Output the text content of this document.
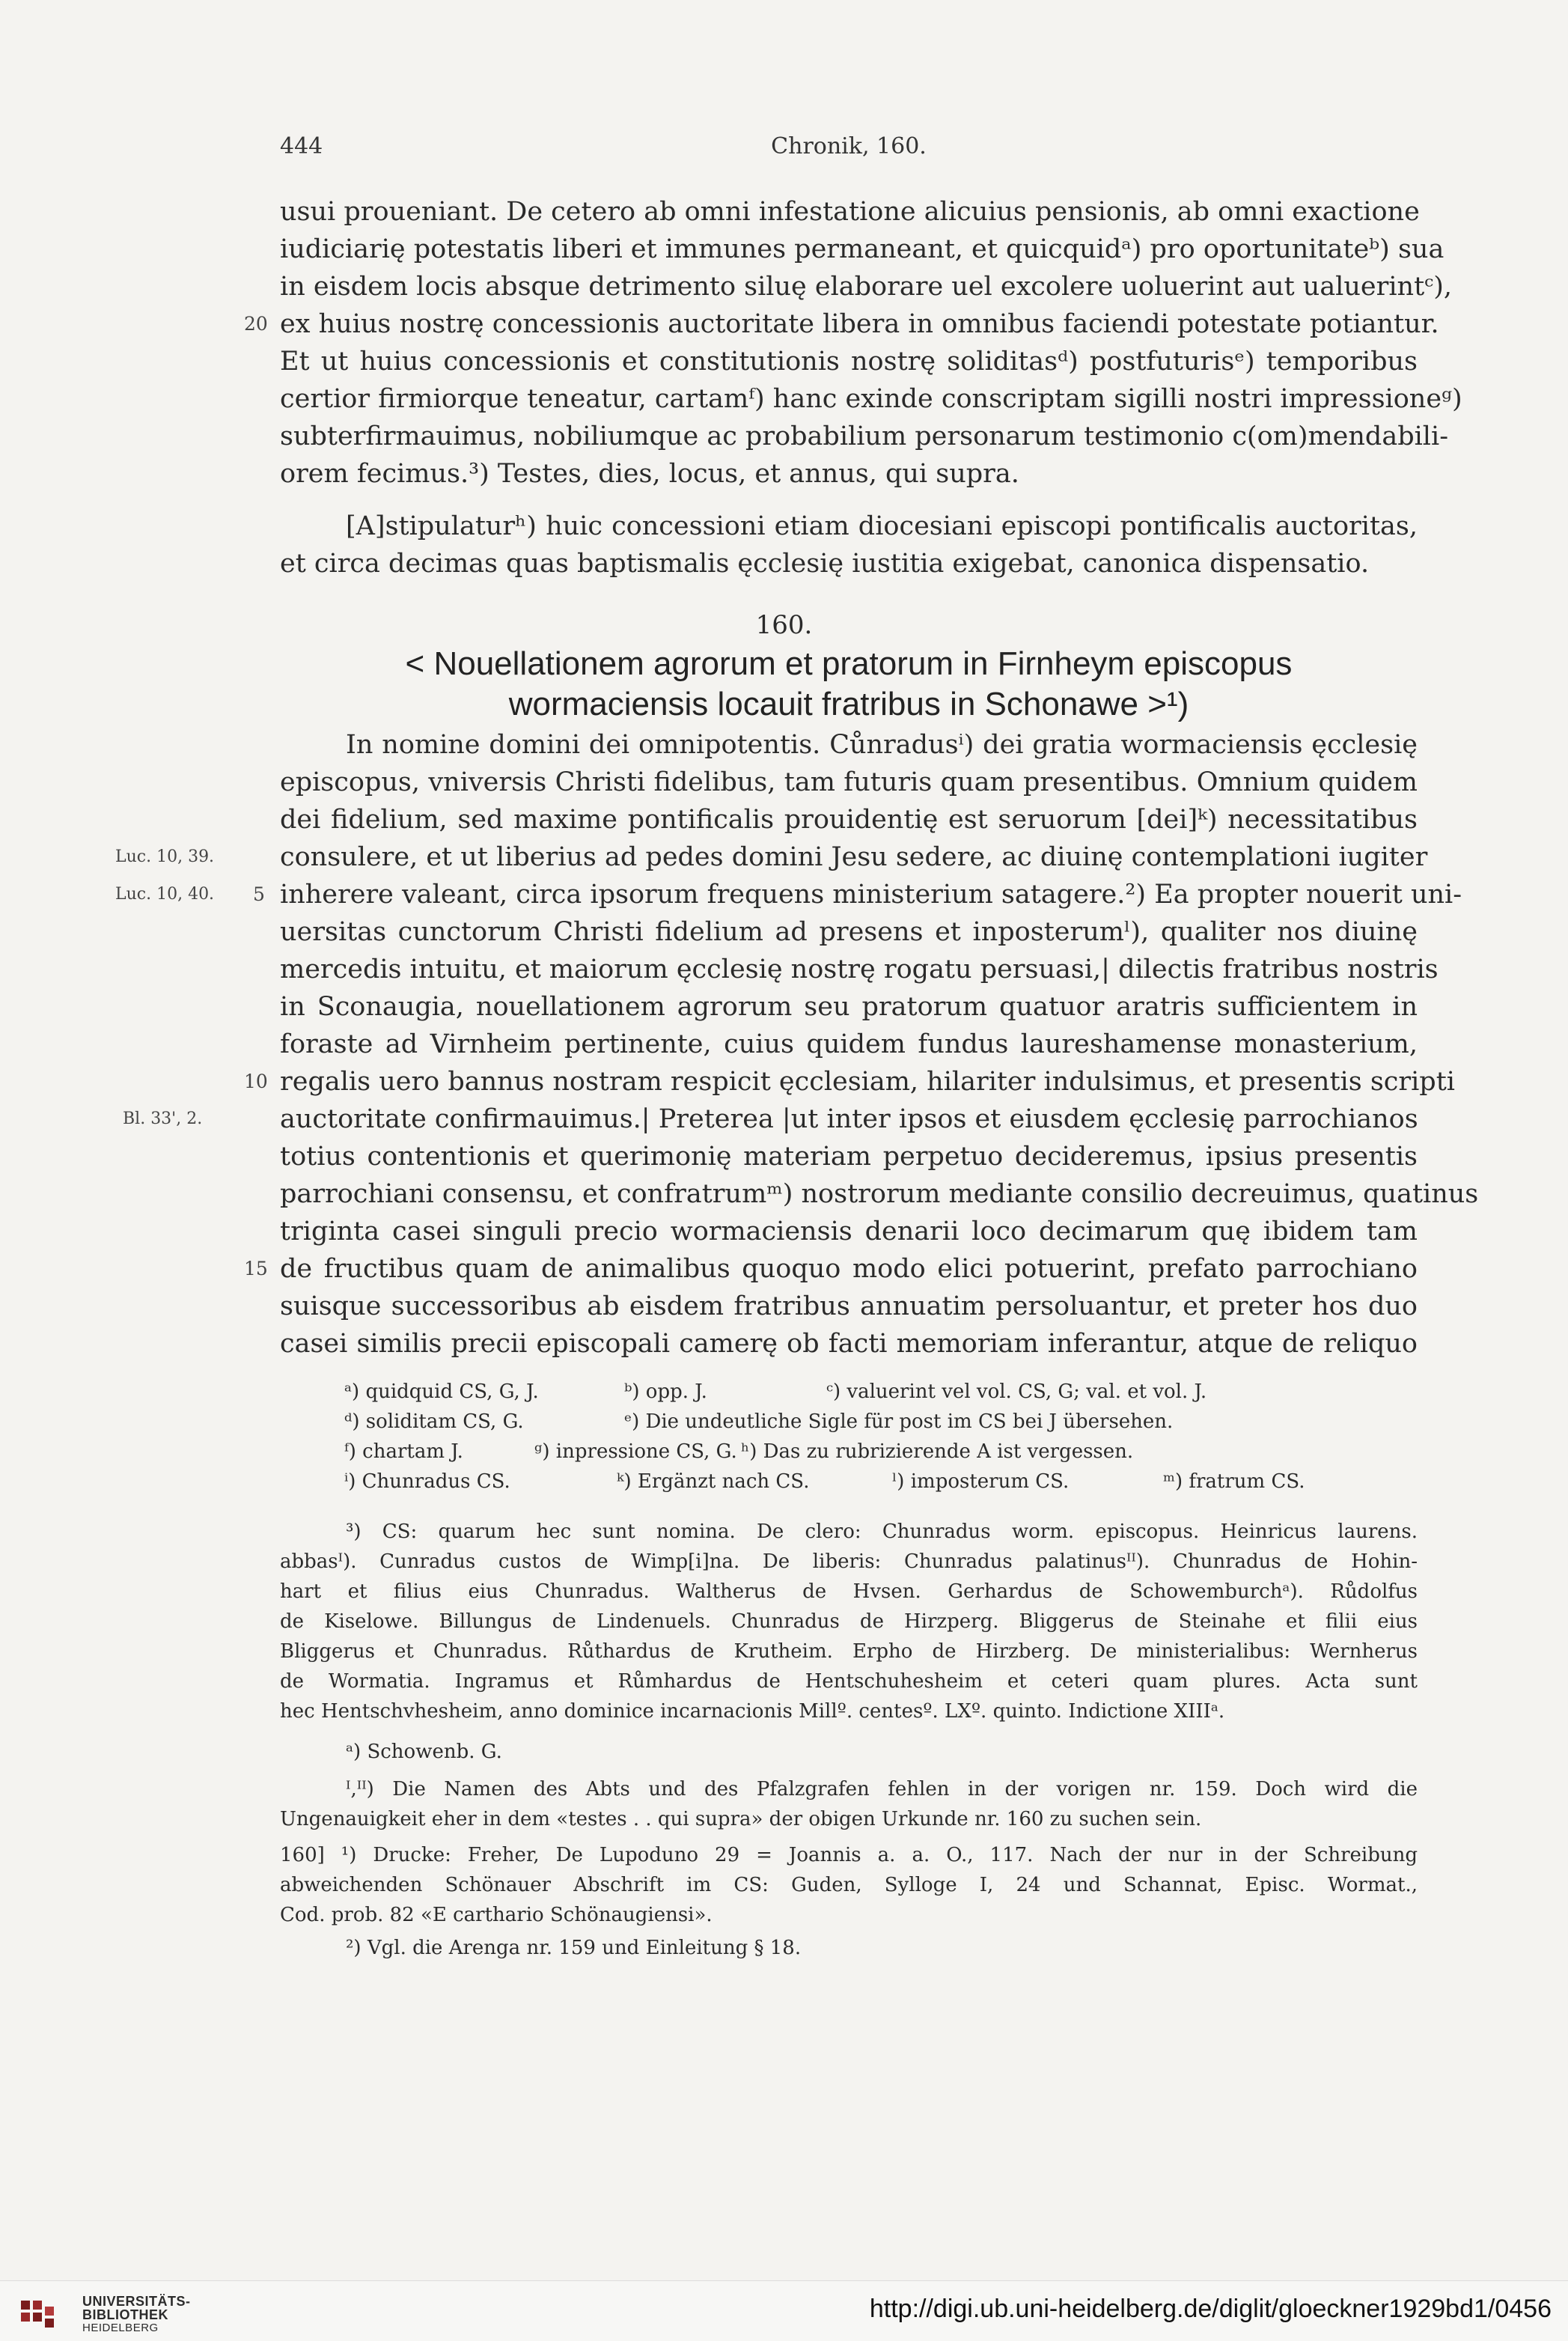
444	Chronik, 160.
usui proueniant. De cetero ab omni infestatione alicuius pensionis, ab omni exactione
iudiciarię potestatis liberi et immunes permaneant, et quicquidᵃ) pro oportunitateᵇ) sua
in eisdem locis absque detrimento siluę elaborare uel excolere uoluerint aut ualuerintᶜ),
ex huius nostrę concessionis auctoritate libera in omnibus faciendi potestate potiantur.
Et ut huius concessionis et constitutionis nostrę soliditasᵈ) postfuturisᵉ) temporibus
certior firmiorque teneatur, cartamᶠ) hanc exinde conscriptam sigilli nostri impressioneᵍ)
subterfirmauimus, nobiliumque ac probabilium personarum testimonio c(om)mendabili-
orem fecimus.³) Testes, dies, locus, et annus, qui supra.
20
[A]stipulaturʰ) huic concessioni etiam diocesiani episcopi pontificalis auctoritas,
et circa decimas quas baptismalis ęcclesię iustitia exigebat, canonica dispensatio.
160.
< Nouellationem agrorum et pratorum in Firnheym episcopus
wormaciensis locauit fratribus in Schonawe >¹)
In nomine domini dei omnipotentis. Cůnradusⁱ) dei gratia wormaciensis ęcclesię
episcopus, vniversis Christi fidelibus, tam futuris quam presentibus. Omnium quidem
dei fidelium, sed maxime pontificalis prouidentię est seruorum [dei]ᵏ) necessitatibus
consulere, et ut liberius ad pedes domini Jesu sedere, ac diuinę contemplationi iugiter
inherere valeant, circa ipsorum frequens ministerium satagere.²) Ea propter nouerit uni-
uersitas cunctorum Christi fidelium ad presens et inposterumˡ), qualiter nos diuinę
mercedis intuitu, et maiorum ęcclesię nostrę rogatu persuasi,| dilectis fratribus nostris
in Sconaugia, nouellationem agrorum seu pratorum quatuor aratris sufficientem in
foraste ad Virnheim pertinente, cuius quidem fundus laureshamense monasterium,
regalis uero bannus nostram respicit ęcclesiam, hilariter indulsimus, et presentis scripti
auctoritate confirmauimus.| Preterea |ut inter ipsos et eiusdem ęcclesię parrochianos
totius contentionis et querimonię materiam perpetuo decideremus, ipsius presentis
parrochiani consensu, et confratrumᵐ) nostrorum mediante consilio decreuimus, quatinus
triginta casei singuli precio wormaciensis denarii loco decimarum quę ibidem tam
de fructibus quam de animalibus quoquo modo elici potuerint, prefato parrochiano
suisque successoribus ab eisdem fratribus annuatim persoluantur, et preter hos duo
casei similis precii episcopali camerę ob facti memoriam inferantur, atque de reliquo
Luc. 10, 39.
Luc. 10, 40.
Bl. 33', 2.
5
10
15
ᵃ) quidquid CS, G, J.	ᵇ) opp. J.	ᶜ) valuerint vel vol. CS, G; val. et vol. J.
ᵈ) soliditam CS, G.	ᵉ) Die undeutliche Sigle für post im CS bei J übersehen.
ᶠ) chartam J.	ᵍ) inpressione CS, G. ʰ) Das zu rubrizierende A ist vergessen.
ⁱ) Chunradus CS.	ᵏ) Ergänzt nach CS.	ˡ) imposterum CS.	ᵐ) fratrum CS.
³) CS: quarum hec sunt nomina. De clero: Chunradus worm. episcopus. Heinricus laurens.
abbasᴵ). Cunradus custos de Wimp[i]na. De liberis: Chunradus palatinusᴵᴵ). Chunradus de Hohin-
hart et filius eius Chunradus. Waltherus de Hvsen. Gerhardus de Schowemburchᵃ). Růdolfus
de Kiselowe. Billungus de Lindenuels. Chunradus de Hirzperg. Bliggerus de Steinahe et filii eius
Bliggerus et Chunradus. Růthardus de Krutheim. Erpho de Hirzberg. De ministerialibus: Wernherus
de Wormatia. Ingramus et Růmhardus de Hentschuhesheim et ceteri quam plures. Acta sunt
hec Hentschvhesheim, anno dominice incarnacionis Millº. centesº. LXº. quinto. Indictione XIIIᵃ.
ᵃ) Schowenb. G.
ᴵ,ᴵᴵ) Die Namen des Abts und des Pfalzgrafen fehlen in der vorigen nr. 159. Doch wird die
Ungenauigkeit eher in dem «testes . . qui supra» der obigen Urkunde nr. 160 zu suchen sein.
160] ¹) Drucke: Freher, De Lupoduno 29 = Joannis a. a. O., 117. Nach der nur in der Schreibung
abweichenden Schönauer Abschrift im CS: Guden, Sylloge I, 24 und Schannat, Episc. Wormat.,
Cod. prob. 82 «E carthario Schönaugiensi».
²) Vgl. die Arenga nr. 159 und Einleitung § 18.
UNIVERSITÄTS-
BIBLIOTHEK
HEIDELBERG
http://digi.ub.uni-heidelberg.de/diglit/gloeckner1929bd1/0456
